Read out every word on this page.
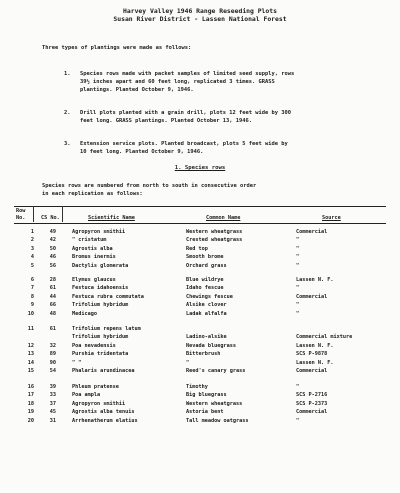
Harvey Valley 1946 Range Reseeding Plots
Susan River District - Lassen National Forest
Three types of plantings were made as follows:
1. Species rows made with packet samples of limited seed supply, rows
39½ inches apart and 60 feet long, replicated 3 times. GRASS
plantings. Planted October 9, 1946.
2. Drill plots planted with a grain drill, plots 12 feet wide by 300
feet long. GRASS plantings. Planted October 13, 1946.
3. Extension service plots. Planted broadcast, plots 5 feet wide by
10 feet long. Planted October 9, 1946.
1. Species rows
Species rows are numbered from north to south in consecutive order
in each replication as follows:
Row
No.	CS No.	Scientific Name	Common Name	Source
1	49	Agropyron smithii	Western wheatgrass	Commercial
2	42	" cristatum	Crested wheatgrass	"
3	50	Agrostis alba	Red top	"
4	46	Bromus inermis	Smooth brome	"
5	56	Dactylis glomerata	Orchard grass	"
6	28	Elymus glaucus	Blue wildrye	Lassen N. F.
7	61	Festuca idahoensis	Idaho fescue	"
8	44	Festuca rubra commutata	Chewings fescue	Commercial
9	66	Trifolium hybridum	Alsike clover	"
10	48	Medicago	Ladak alfalfa	"
11	61	Trifolium repens latum
Trifolium hybridum	Ladino-alsike	Commercial mixture
12	32	Poa nevadensis	Nevada bluegrass	Lassen N. F.
13	89	Purshia tridentata	Bitterbrush	SCS P-9878
14	90	" "	"	Lassen N. F.
15	54	Phalaris arundinacea	Reed's canary grass	Commercial
16	39	Phleum pratense	Timothy	"
17	33	Poa ampla	Big bluegrass	SCS P-2716
18	37	Agropyron smithii	Western wheatgrass	SCS P-2373
19	45	Agrostis alba tenuis	Astoria bent	Commercial
20	31	Arrhenatherum elatius	Tall meadow oatgrass	"
